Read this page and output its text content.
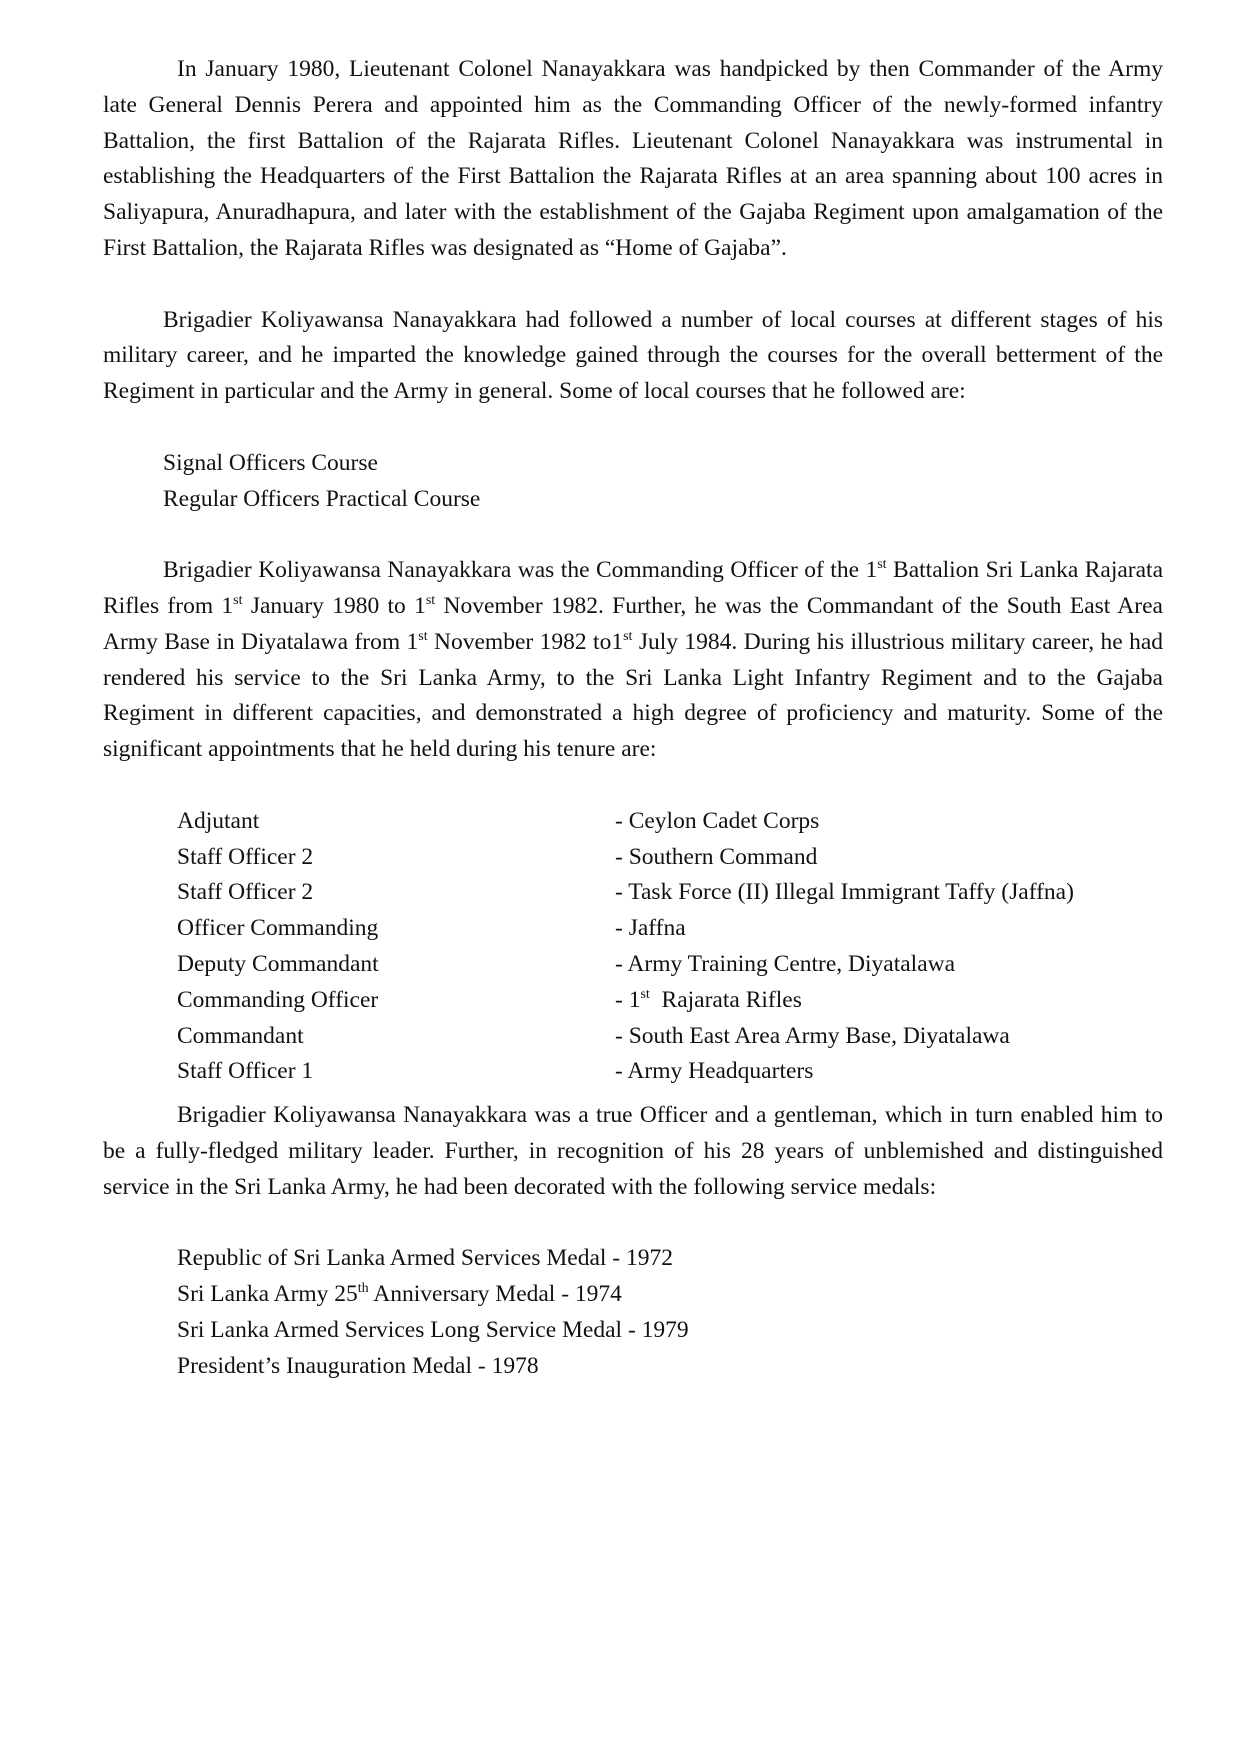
In January 1980, Lieutenant Colonel Nanayakkara was handpicked by then Commander of the Army late General Dennis Perera and appointed him as the Commanding Officer of the newly-formed infantry Battalion, the first Battalion of the Rajarata Rifles. Lieutenant Colonel Nanayakkara was instrumental in establishing the Headquarters of the First Battalion the Rajarata Rifles at an area spanning about 100 acres in Saliyapura, Anuradhapura, and later with the establishment of the Gajaba Regiment upon amalgamation of the First Battalion, the Rajarata Rifles was designated as “Home of Gajaba”.

Brigadier Koliyawansa Nanayakkara had followed a number of local courses at different stages of his military career, and he imparted the knowledge gained through the courses for the overall betterment of the Regiment in particular and the Army in general. Some of local courses that he followed are:

Signal Officers Course
Regular Officers Practical Course

Brigadier Koliyawansa Nanayakkara was the Commanding Officer of the 1st Battalion Sri Lanka Rajarata Rifles from 1st January 1980 to 1st November 1982. Further, he was the Commandant of the South East Area Army Base in Diyatalawa from 1st November 1982 to1st July 1984. During his illustrious military career, he had rendered his service to the Sri Lanka Army, to the Sri Lanka Light Infantry Regiment and to the Gajaba Regiment in different capacities, and demonstrated a high degree of proficiency and maturity. Some of the significant appointments that he held during his tenure are:

Adjutant	- Ceylon Cadet Corps
Staff Officer 2	- Southern Command
Staff Officer 2	- Task Force (II) Illegal Immigrant Taffy (Jaffna)
Officer Commanding	- Jaffna
Deputy Commandant	- Army Training Centre, Diyatalawa
Commanding Officer	- 1st  Rajarata Rifles
Commandant	- South East Area Army Base, Diyatalawa
Staff Officer 1	- Army Headquarters

Brigadier Koliyawansa Nanayakkara was a true Officer and a gentleman, which in turn enabled him to be a fully-fledged military leader. Further, in recognition of his 28 years of unblemished and distinguished service in the Sri Lanka Army, he had been decorated with the following service medals:

Republic of Sri Lanka Armed Services Medal - 1972
Sri Lanka Army 25th Anniversary Medal - 1974
Sri Lanka Armed Services Long Service Medal - 1979
President’s Inauguration Medal - 1978
